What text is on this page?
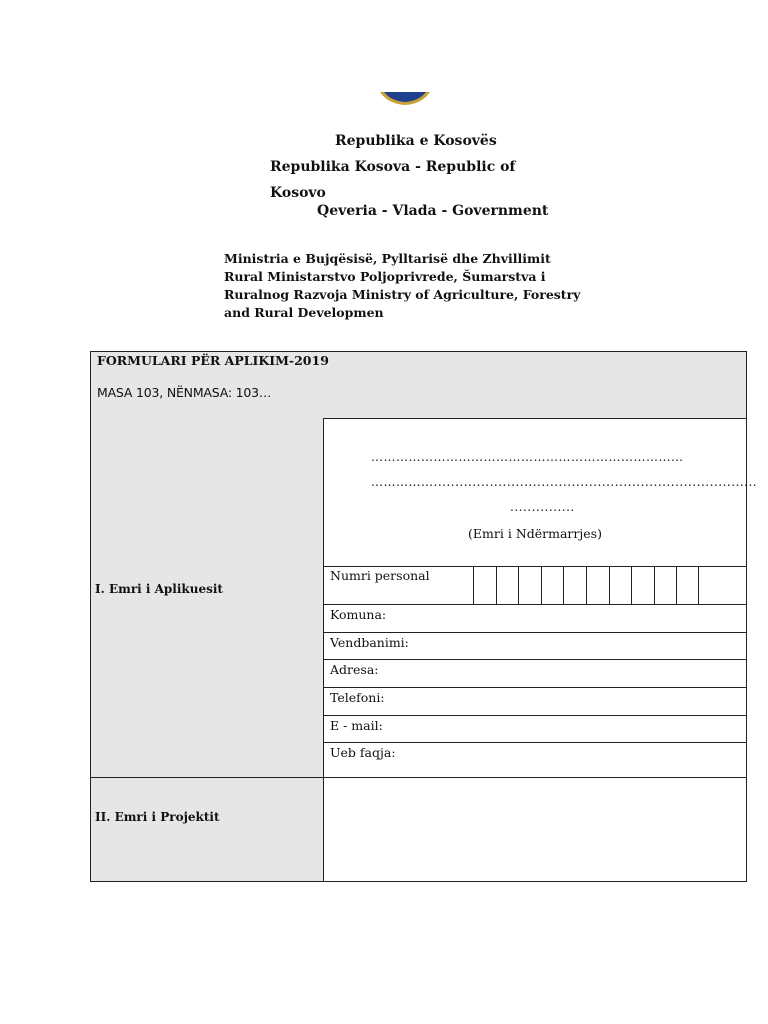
Republika e Kosovës
Republika Kosova - Republic of
Kosovo
Qeveria - Vlada - Government
Ministria e Bujqësisë, Pylltarisë dhe Zhvillimit
Rural Ministarstvo Poljoprivrede, Šumarstva i
Ruralnog Razvoja Ministry of Agriculture, Forestry
and Rural Developmen
FORMULARI PËR APLIKIM-2019
MASA 103, NËNMASA: 103…
I. Emri i Aplikuesit
…………………………………………………………………
……………...........................................................................
...............
(Emri i Ndërmarrjes)
Numri personal
Komuna:
Vendbanimi:
Adresa:
Telefoni:
E - mail:
Ueb faqja:
II. Emri i Projektit
